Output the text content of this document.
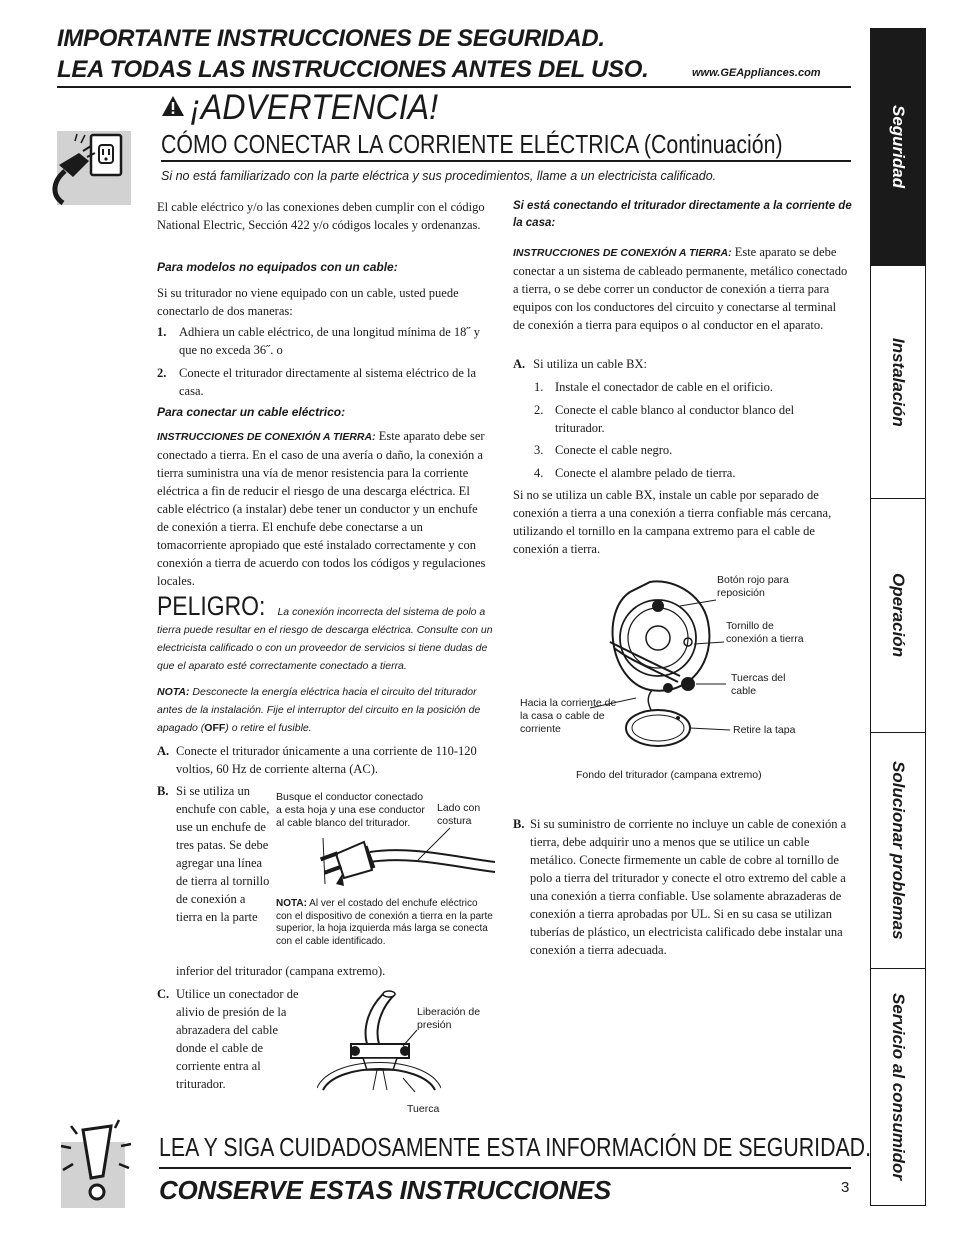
IMPORTANTE INSTRUCCIONES DE SEGURIDAD.
LEA TODAS LAS INSTRUCCIONES ANTES DEL USO.	www.GEAppliances.com
¡ADVERTENCIA!
CÓMO CONECTAR LA CORRIENTE ELÉCTRICA (Continuación)
Si no está familiarizado con la parte eléctrica y sus procedimientos, llame a un electricista calificado.
El cable eléctrico y/o las conexiones deben cumplir con el código National Electric, Sección 422 y/o códigos locales y ordenanzas.
Para modelos no equipados con un cable:
Si su triturador no viene equipado con un cable, usted puede conectarlo de dos maneras:
1. Adhiera un cable eléctrico, de una longitud mínima de 18˝ y que no exceda 36˝. o
2. Conecte el triturador directamente al sistema eléctrico de la casa.
Para conectar un cable eléctrico:
INSTRUCCIONES DE CONEXIÓN A TIERRA: Este aparato debe ser conectado a tierra. En el caso de una avería o daño, la conexión a tierra suministra una vía de menor resistencia para la corriente eléctrica a fin de reducir el riesgo de una descarga eléctrica. El cable eléctrico (a instalar) debe tener un conductor y un enchufe de conexión a tierra. El enchufe debe conectarse a un tomacorriente apropiado que esté instalado correctamente y con conexión a tierra de acuerdo con todos los códigos y regulaciones locales.
PELIGRO: La conexión incorrecta del sistema de polo a tierra puede resultar en el riesgo de descarga eléctrica. Consulte con un electricista calificado o con un proveedor de servicios si tiene dudas de que el aparato esté correctamente conectado a tierra.
NOTA: Desconecte la energía eléctrica hacia el circuito del triturador antes de la instalación. Fije el interruptor del circuito en la posición de apagado (OFF) o retire el fusible.
A. Conecte el triturador únicamente a una corriente de 110-120 voltios, 60 Hz de corriente alterna (AC).
B. Si se utiliza un enchufe con cable, use un enchufe de tres patas. Se debe agregar una línea de tierra al tornillo de conexión a tierra en la parte
inferior del triturador (campana extremo).
Busque el conductor conectado a esta hoja y una ese conductor al cable blanco del triturador.
Lado con costura
NOTA: Al ver el costado del enchufe eléctrico con el dispositivo de conexión a tierra en la parte superior, la hoja izquierda más larga se conecta con el cable identificado.
C. Utilice un conectador de alivio de presión de la abrazadera del cable donde el cable de corriente entra al triturador.
Liberación de presión
Tuerca
Si está conectando el triturador directamente a la corriente de la casa:
INSTRUCCIONES DE CONEXIÓN A TIERRA: Este aparato se debe conectar a un sistema de cableado permanente, metálico conectado a tierra, o se debe correr un conductor de conexión a tierra para equipos con los conductores del circuito y conectarse al terminal de conexión a tierra para equipos o al conductor en el aparato.
A. Si utiliza un cable BX:
1. Instale el conectador de cable en el orificio.
2. Conecte el cable blanco al conductor blanco del triturador.
3. Conecte el cable negro.
4. Conecte el alambre pelado de tierra.
Si no se utiliza un cable BX, instale un cable por separado de conexión a tierra a una conexión a tierra confiable más cercana, utilizando el tornillo en la campana extremo para el cable de conexión a tierra.
Botón rojo para reposición
Tornillo de conexión a tierra
Tuercas del cable
Hacia la corriente de la casa o cable de corriente	Retire la tapa
Fondo del triturador (campana extremo)
B. Si su suministro de corriente no incluye un cable de conexión a tierra, debe adquirir uno a menos que se utilice un cable metálico. Conecte firmemente un cable de cobre al tornillo de polo a tierra del triturador y conecte el otro extremo del cable a una conexión a tierra confiable. Use solamente abrazaderas de conexión a tierra aprobadas por UL. Si en su casa se utilizan tuberías de plástico, un electricista calificado debe instalar una conexión a tierra adecuada.
LEA Y SIGA CUIDADOSAMENTE ESTA INFORMACIÓN DE SEGURIDAD.
CONSERVE ESTAS INSTRUCCIONES	3
Seguridad
Instalación
Operación
Solucionar problemas
Servicio al consumidor
